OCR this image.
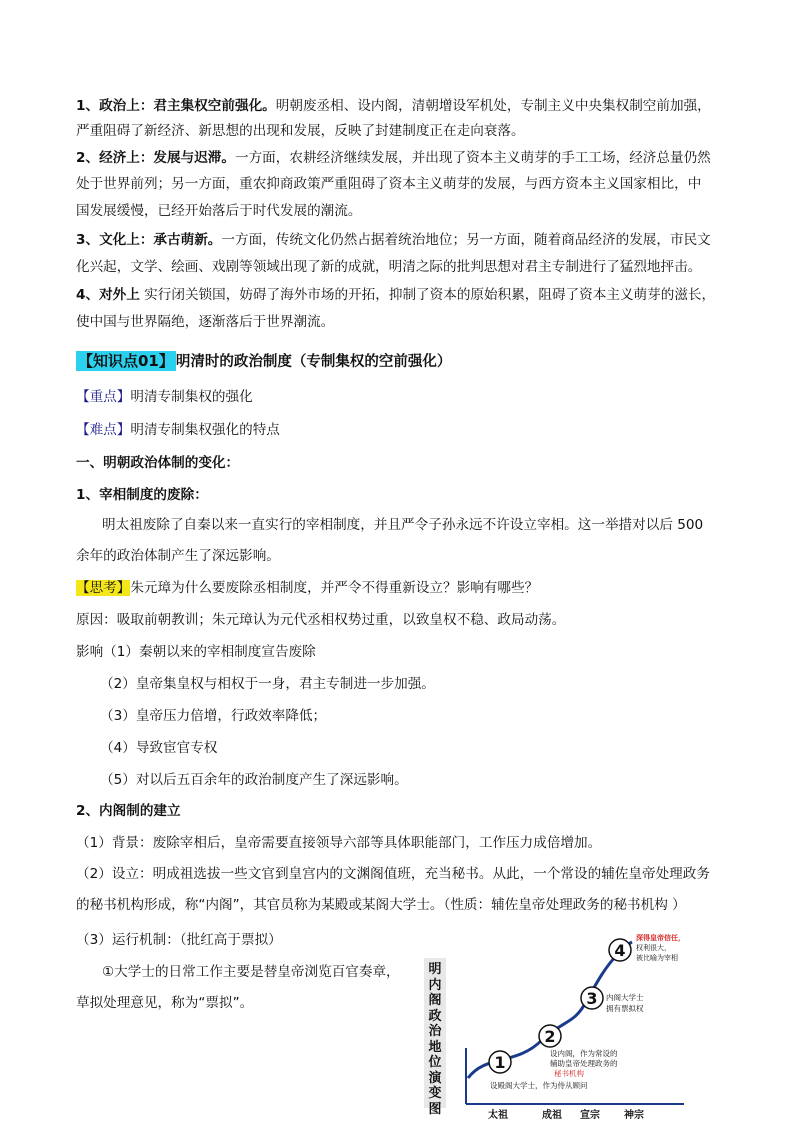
1、政治上：君主集权空前强化。明朝废丞相、设内阁，清朝增设军机处，专制主义中央集权制空前加强，
严重阻碍了新经济、新思想的出现和发展，反映了封建制度正在走向衰落。
2、经济上：发展与迟滞。一方面，农耕经济继续发展，并出现了资本主义萌芽的手工工场，经济总量仍然
处于世界前列；另一方面，重农抑商政策严重阻碍了资本主义萌芽的发展，与西方资本主义国家相比，中
国发展缓慢，已经开始落后于时代发展的潮流。
3、文化上：承古萌新。一方面，传统文化仍然占据着统治地位；另一方面，随着商品经济的发展，市民文
化兴起，文学、绘画、戏剧等领域出现了新的成就，明清之际的批判思想对君主专制进行了猛烈地抨击。
4、对外上 实行闭关锁国，妨碍了海外市场的开拓，抑制了资本的原始积累，阻碍了资本主义萌芽的滋长，
使中国与世界隔绝，逐渐落后于世界潮流。
【知识点01】 明清时的政治制度（专制集权的空前强化）
【重点】明清专制集权的强化
【难点】明清专制集权强化的特点
一、明朝政治体制的变化：
1、宰相制度的废除：
明太祖废除了自秦以来一直实行的宰相制度，并且严令子孙永远不许设立宰相。这一举措对以后 500
余年的政治体制产生了深远影响。
【思考】朱元璋为什么要废除丞相制度，并严令不得重新设立？影响有哪些？
原因：吸取前朝教训；朱元璋认为元代丞相权势过重，以致皇权不稳、政局动荡。
影响（1）秦朝以来的宰相制度宣告废除
（2）皇帝集皇权与相权于一身，君主专制进一步加强。
（3）皇帝压力倍增，行政效率降低；
（4）导致宦官专权
（5）对以后五百余年的政治制度产生了深远影响。
2、内阁制的建立
（1）背景：废除宰相后，皇帝需要直接领导六部等具体职能部门，工作压力成倍增加。
（2）设立：明成祖选拔一些文官到皇宫内的文渊阁值班，充当秘书。从此，一个常设的辅佐皇帝处理政务
的秘书机构形成，称“内阁”，其官员称为某殿或某阁大学士。（性质：辅佐皇帝处理政务的秘书机构 ）
（3）运行机制：（批红高于票拟）
①大学士的日常工作主要是替皇帝浏览百官奏章，
草拟处理意见，称为“票拟”。
明内阁政治地位演变图
1
2
3
4
设殿阁大学士，作为侍从顾问
设内阁，作为常设的
辅助皇帝处理政务的
秘书机构
内阁大学士
拥有票拟权
深得皇帝信任，
权利很大，
被比喻为宰相
太祖	成祖 宣宗 神宗
